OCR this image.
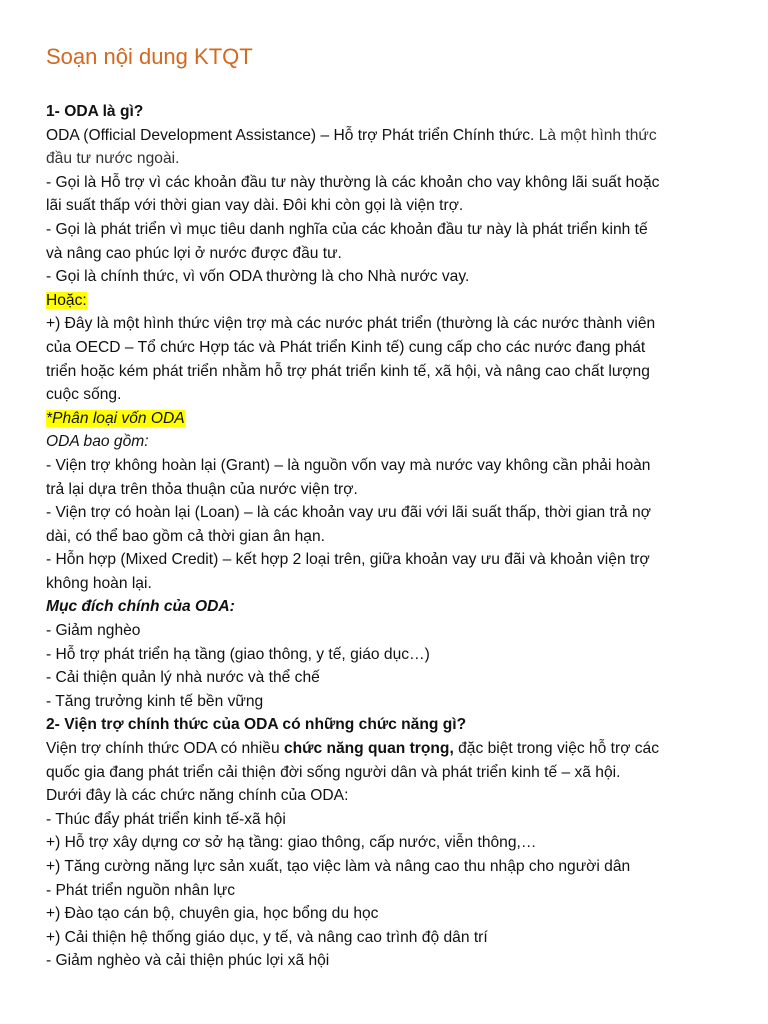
Soạn nội dung KTQT
1- ODA là gì?
ODA (Official Development Assistance) – Hỗ trợ Phát triển Chính thức. Là một hình thức
đầu tư nước ngoài.
- Gọi là Hỗ trợ vì các khoản đầu tư này thường là các khoản cho vay không lãi suất hoặc
lãi suất thấp với thời gian vay dài. Đôi khi còn gọi là viện trợ.
- Gọi là phát triển vì mục tiêu danh nghĩa của các khoản đầu tư này là phát triển kinh tế
và nâng cao phúc lợi ở nước được đầu tư.
- Gọi là chính thức, vì vốn ODA thường là cho Nhà nước vay.
Hoặc:
+) Đây là một hình thức viện trợ mà các nước phát triển (thường là các nước thành viên
của OECD – Tổ chức Hợp tác và Phát triển Kinh tế) cung cấp cho các nước đang phát
triển hoặc kém phát triển nhằm hỗ trợ phát triển kinh tế, xã hội, và nâng cao chất lượng
cuộc sống.
*Phân loại vốn ODA
ODA bao gồm:
- Viện trợ không hoàn lại (Grant) – là nguồn vốn vay mà nước vay không cần phải hoàn
trả lại dựa trên thỏa thuận của nước viện trợ.
- Viện trợ có hoàn lại (Loan) – là các khoản vay ưu đãi với lãi suất thấp, thời gian trả nợ
dài, có thể bao gồm cả thời gian ân hạn.
- Hỗn hợp (Mixed Credit) – kết hợp 2 loại trên, giữa khoản vay ưu đãi và khoản viện trợ
không hoàn lại.
Mục đích chính của ODA:
- Giảm nghèo
- Hỗ trợ phát triển hạ tầng (giao thông, y tế, giáo dục…)
- Cải thiện quản lý nhà nước và thể chế
- Tăng trưởng kinh tế bền vững
2- Viện trợ chính thức của ODA có những chức năng gì?
Viện trợ chính thức ODA có nhiều chức năng quan trọng, đặc biệt trong việc hỗ trợ các
quốc gia đang phát triển cải thiện đời sống người dân và phát triển kinh tế – xã hội.
Dưới đây là các chức năng chính của ODA:
- Thúc đẩy phát triển kinh tế-xã hội
+) Hỗ trợ xây dựng cơ sở hạ tầng: giao thông, cấp nước, viễn thông,…
+) Tăng cường năng lực sản xuất, tạo việc làm và nâng cao thu nhập cho người dân
- Phát triển nguồn nhân lực
+) Đào tạo cán bộ, chuyên gia, học bổng du học
+) Cải thiện hệ thống giáo dục, y tế, và nâng cao trình độ dân trí
- Giảm nghèo và cải thiện phúc lợi xã hội
